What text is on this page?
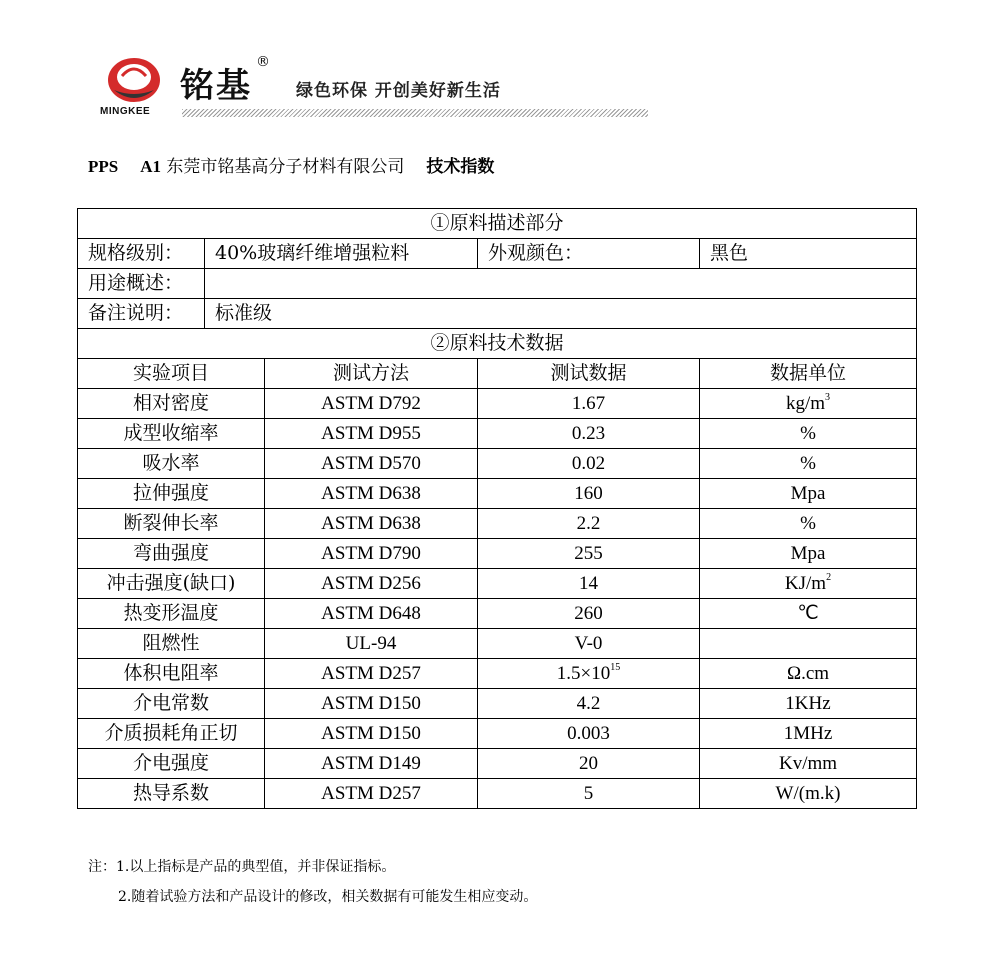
MINGKEE
铭基
®
绿色环保 开创美好新生活
PPS A1 东莞市铭基高分子材料有限公司 技术指数
①原料描述部分				
规格级别：	40%玻璃纤维增强粒料		外观颜色：	黑色
用途概述：				
备注说明：	标准级			
②原料技术数据				
实验项目		测试方法	测试数据	数据单位
相对密度		ASTM D792	1.67	$kg/m^3$
成型收缩率		ASTM D955	0.23	%
吸水率		ASTM D570	0.02	%
拉伸强度		ASTM D638	160	Mpa
断裂伸长率		ASTM D638	2.2	%
弯曲强度		ASTM D790	255	Mpa
冲击强度(缺口)		ASTM D256	14	$KJ/m^2$
热变形温度		ASTM D648	260	℃
阻燃性		UL-94	V-0	
体积电阻率		ASTM D257	$1.5\times 10^{15}$	Ω.cm
介电常数		ASTM D150	4.2	1KHz
介质损耗角正切		ASTM D150	0.003	1MHz
介电强度		ASTM D149	20	Kv/mm
热导系数		ASTM D257	5	W/(m.k)
注：1.以上指标是产品的典型值，并非保证指标。
2.随着试验方法和产品设计的修改，相关数据有可能发生相应变动。
